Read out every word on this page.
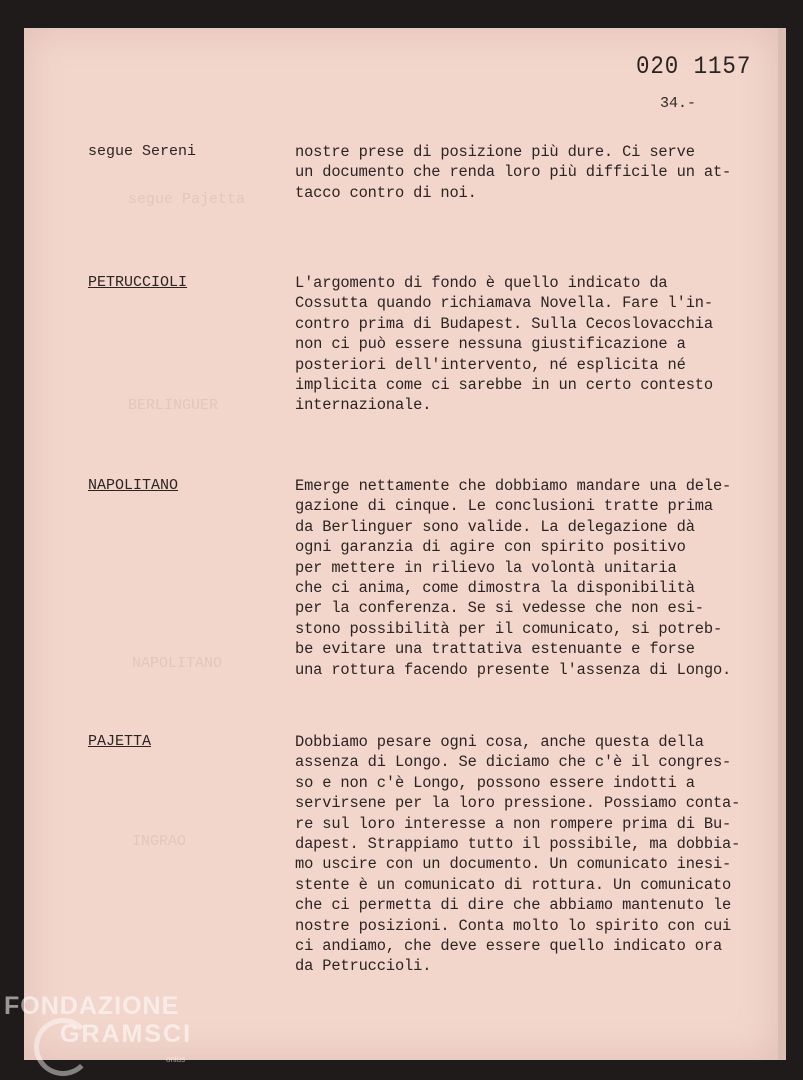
segue Pajetta
BERLINGUER
NAPOLITANO
INGRAO
020 1157
34.-
segue Sereni	nostre prese di posizione più dure. Ci serve
un documento che renda loro più difficile un at-
tacco contro di noi.
PETRUCCIOLI	L'argomento di fondo è quello indicato da
Cossutta quando richiamava Novella. Fare l'in-
contro prima di Budapest. Sulla Cecoslovacchia
non ci può essere nessuna giustificazione a
posteriori dell'intervento, né esplicita né
implicita come ci sarebbe in un certo contesto
internazionale.
NAPOLITANO	Emerge nettamente che dobbiamo mandare una dele-
gazione di cinque. Le conclusioni tratte prima
da Berlinguer sono valide. La delegazione dà
ogni garanzia di agire con spirito positivo
per mettere in rilievo la volontà unitaria
che ci anima, come dimostra la disponibilità
per la conferenza. Se si vedesse che non esi-
stono possibilità per il comunicato, si potreb-
be evitare una trattativa estenuante e forse
una rottura facendo presente l'assenza di Longo.
PAJETTA	Dobbiamo pesare ogni cosa, anche questa della
assenza di Longo. Se diciamo che c'è il congres-
so e non c'è Longo, possono essere indotti a
servirsene per la loro pressione. Possiamo conta-
re sul loro interesse a non rompere prima di Bu-
dapest. Strappiamo tutto il possibile, ma dobbia-
mo uscire con un documento. Un comunicato inesi-
stente è un comunicato di rottura. Un comunicato
che ci permetta di dire che abbiamo mantenuto le
nostre posizioni. Conta molto lo spirito con cui
ci andiamo, che deve essere quello indicato ora
da Petruccioli.
FONDAZIONE
GRAMSCI
onlus
